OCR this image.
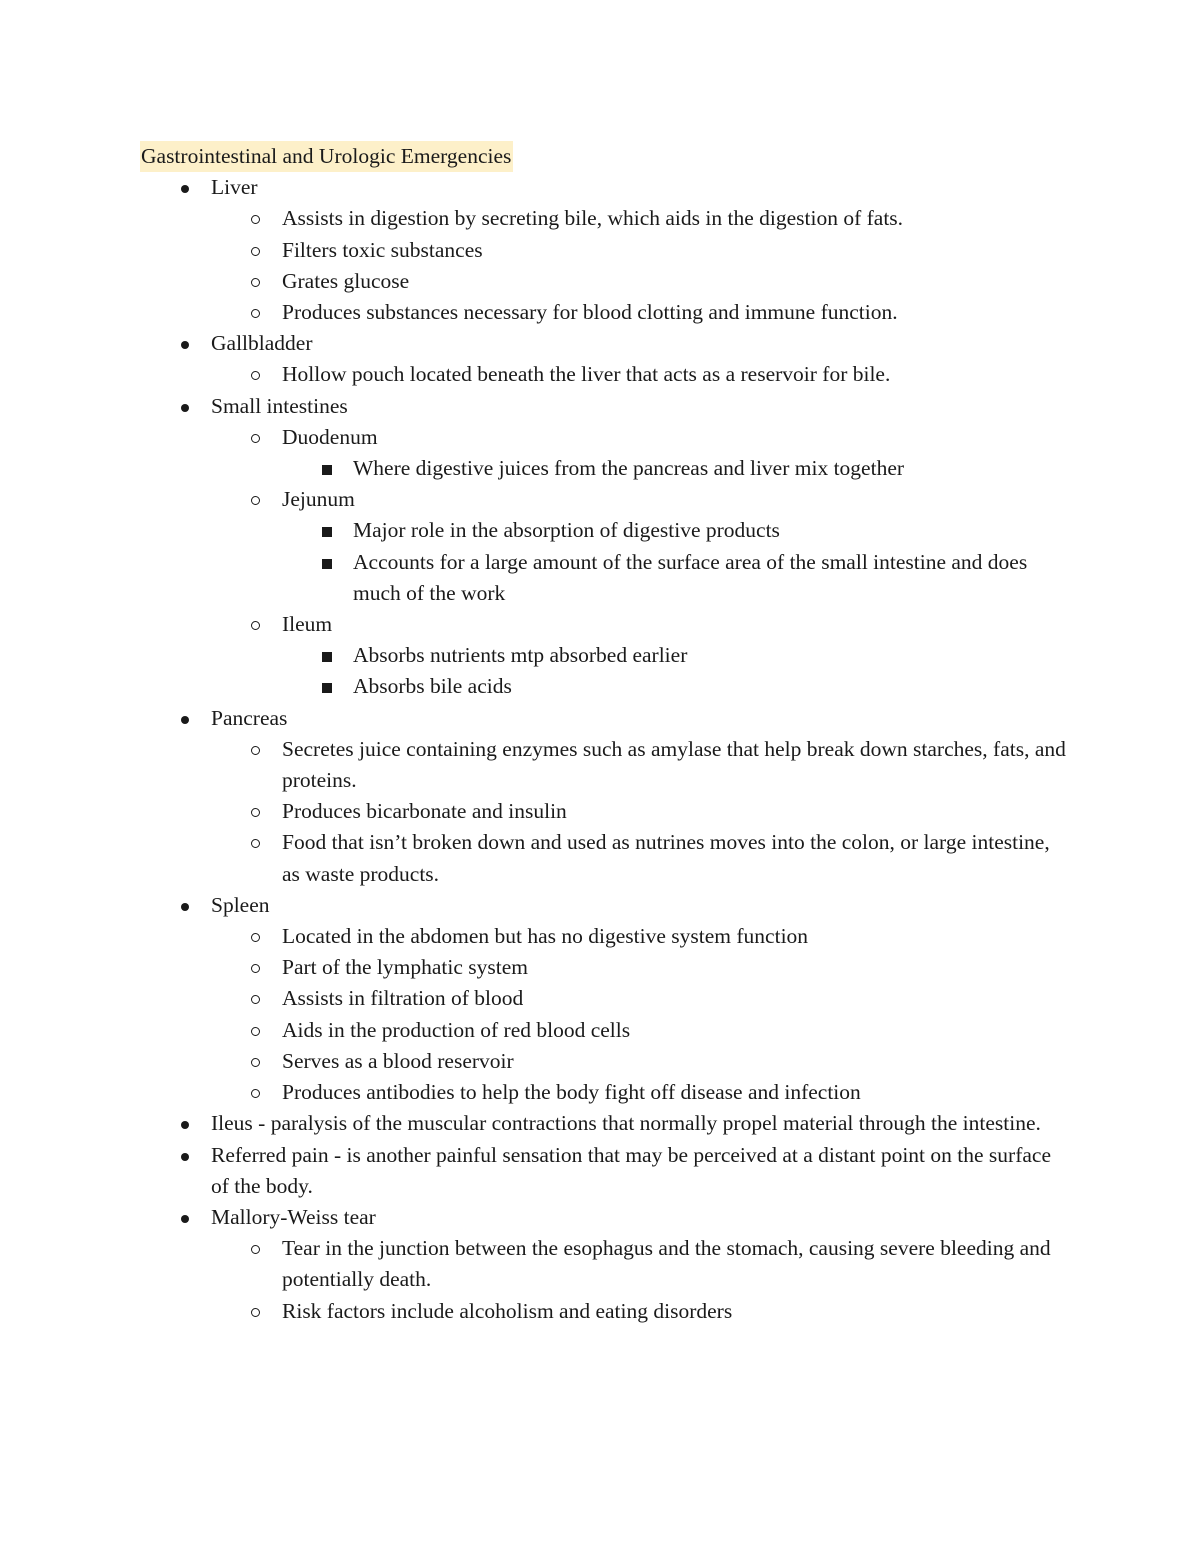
Gastrointestinal and Urologic Emergencies
Liver
Assists in digestion by secreting bile, which aids in the digestion of fats.
Filters toxic substances
Grates glucose
Produces substances necessary for blood clotting and immune function.
Gallbladder
Hollow pouch located beneath the liver that acts as a reservoir for bile.
Small intestines
Duodenum
Where digestive juices from the pancreas and liver mix together
Jejunum
Major role in the absorption of digestive products
Accounts for a large amount of the surface area of the small intestine and does much of the work
Ileum
Absorbs nutrients mtp absorbed earlier
Absorbs bile acids
Pancreas
Secretes juice containing enzymes such as amylase that help break down starches, fats, and proteins.
Produces bicarbonate and insulin
Food that isn’t broken down and used as nutrines moves into the colon, or large intestine, as waste products.
Spleen
Located in the abdomen but has no digestive system function
Part of the lymphatic system
Assists in filtration of blood
Aids in the production of red blood cells
Serves as a blood reservoir
Produces antibodies to help the body fight off disease and infection
Ileus - paralysis of the muscular contractions that normally propel material through the intestine.
Referred pain - is another painful sensation that may be perceived at a distant point on the surface of the body.
Mallory-Weiss tear
Tear in the junction between the esophagus and the stomach, causing severe bleeding and potentially death.
Risk factors include alcoholism and eating disorders
